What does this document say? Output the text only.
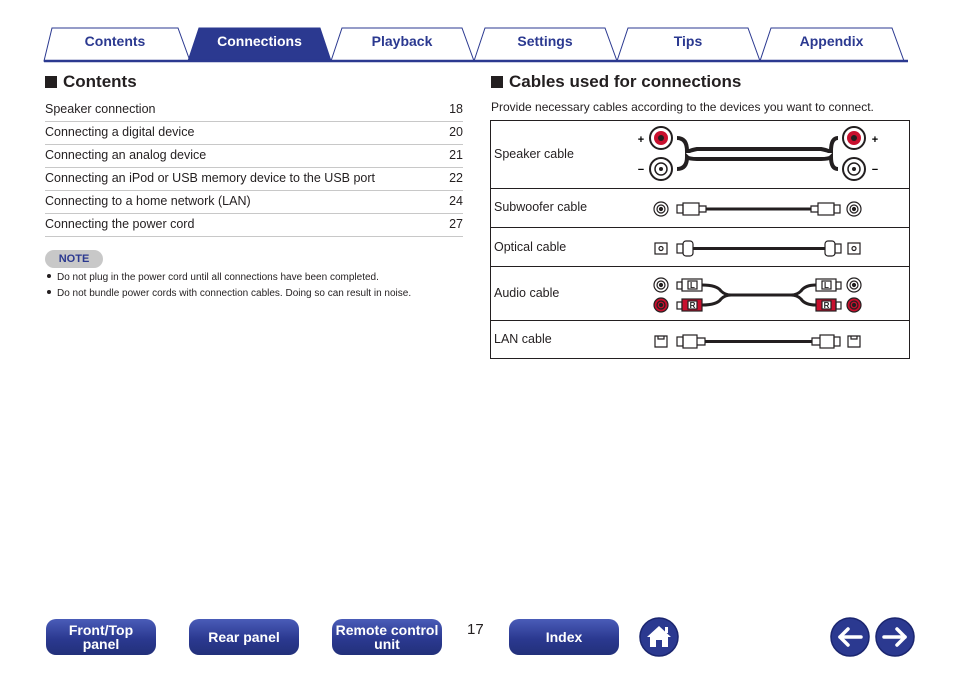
Contents	Connections	Playback	Settings	Tips	Appendix
Contents
Speaker connection	18
Connecting a digital device	20
Connecting an analog device	21
Connecting an iPod or USB memory device to the USB port	22
Connecting to a home network (LAN)	24
Connecting the power cord	27
NOTE
Do not plug in the power cord until all connections have been completed.
Do not bundle power cords with connection cables. Doing so can result in noise.
Cables used for connections
Provide necessary cables according to the devices you want to connect.
Speaker cable
+
−
+
−
Subwoofer cable
Optical cable
Audio cable
L
R
L
R
LAN cable
Front/Top
panel	Rear panel	Remote control
unit
17	Index
